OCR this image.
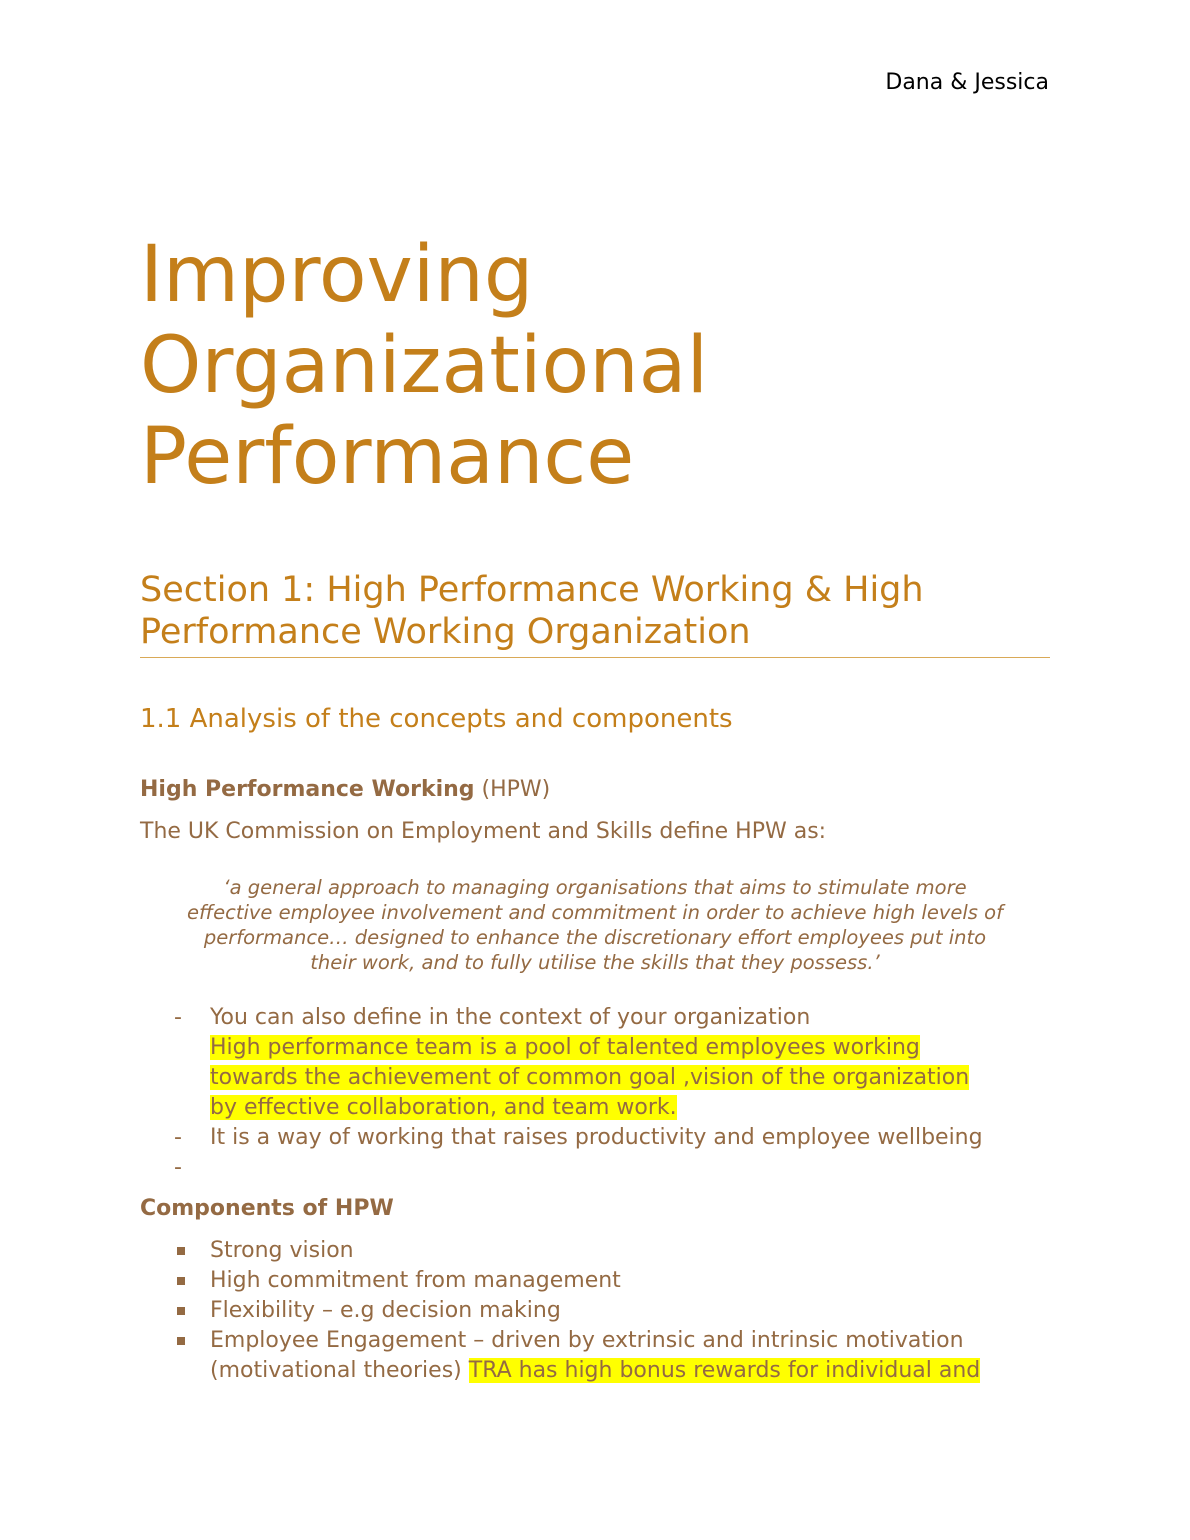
Dana & Jessica
Improving
Organizational
Performance
Section 1: High Performance Working & High
Performance Working Organization
1.1 Analysis of the concepts and components
High Performance Working (HPW)
The UK Commission on Employment and Skills define HPW as:
‘a general approach to managing organisations that aims to stimulate more
effective employee involvement and commitment in order to achieve high levels of
performance… designed to enhance the discretionary effort employees put into
their work, and to fully utilise the skills that they possess.’
- You can also define in the context of your organization
High performance team is a pool of talented employees working
towards the achievement of common goal ,vision of the organization
by effective collaboration, and team work.
- It is a way of working that raises productivity and employee wellbeing
-

Components of HPW
Strong vision
High commitment from management
Flexibility – e.g decision making
Employee Engagement – driven by extrinsic and intrinsic motivation
(motivational theories) TRA has high bonus rewards for individual and
